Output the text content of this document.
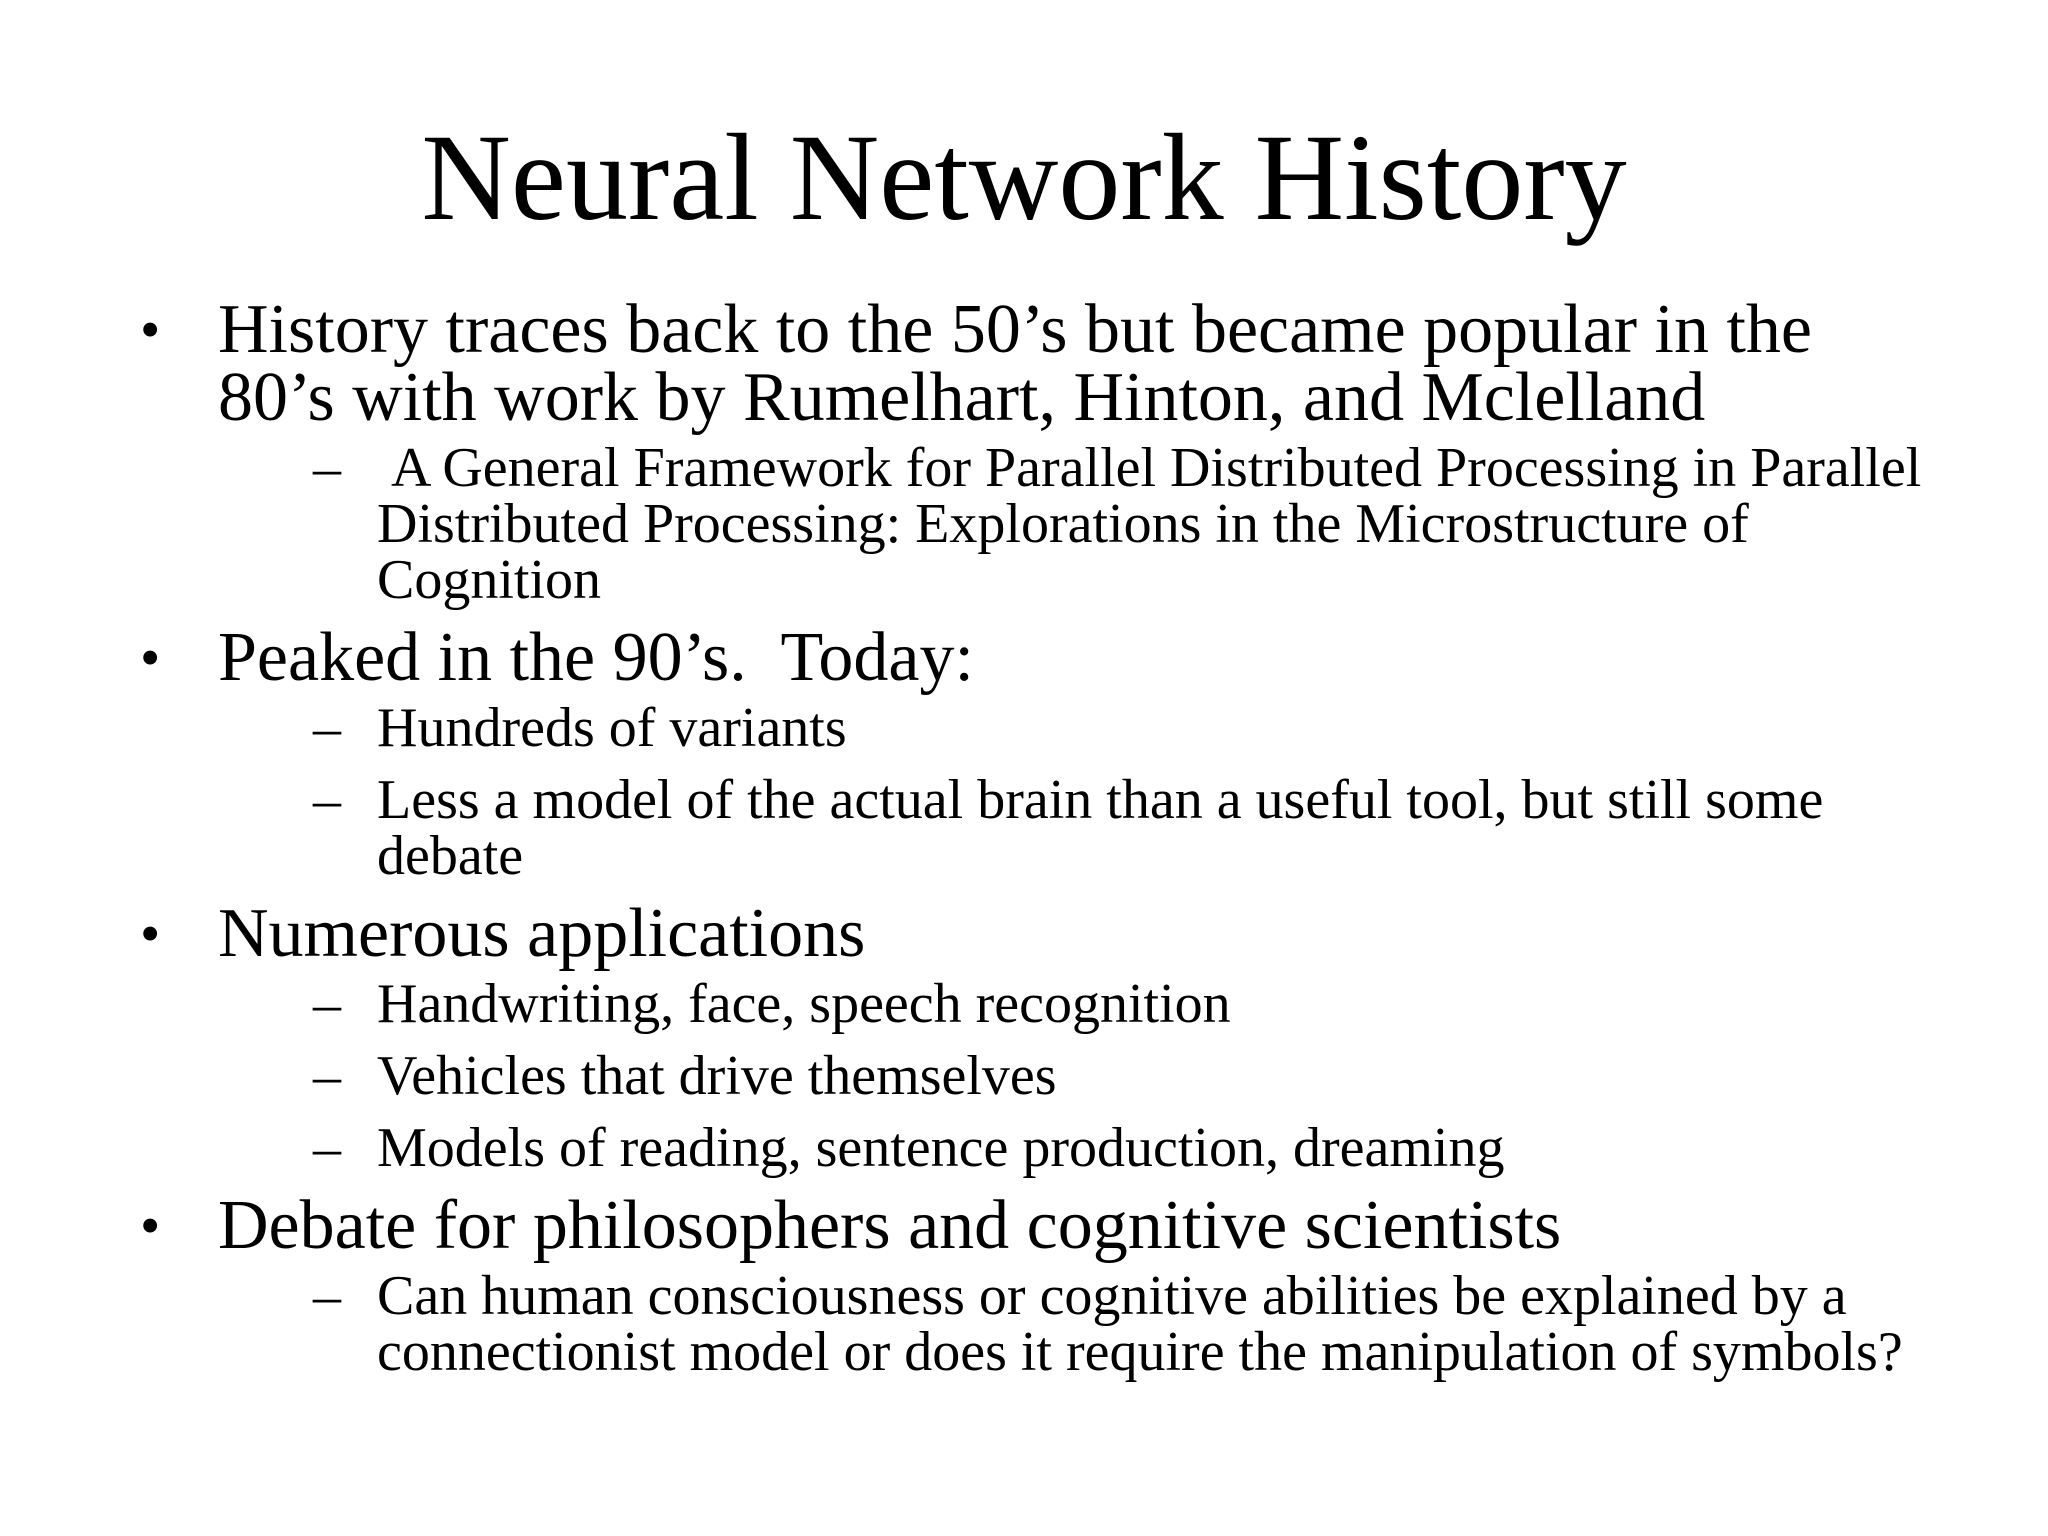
Neural Network History
• History traces back to the 50’s but became popular in the 80’s with work by Rumelhart, Hinton, and Mclelland
– A General Framework for Parallel Distributed Processing in Parallel Distributed Processing: Explorations in the Microstructure of Cognition
• Peaked in the 90’s.  Today:
– Hundreds of variants
– Less a model of the actual brain than a useful tool, but still some debate
• Numerous applications
– Handwriting, face, speech recognition
– Vehicles that drive themselves
– Models of reading, sentence production, dreaming
• Debate for philosophers and cognitive scientists
– Can human consciousness or cognitive abilities be explained by a connectionist model or does it require the manipulation of symbols?
